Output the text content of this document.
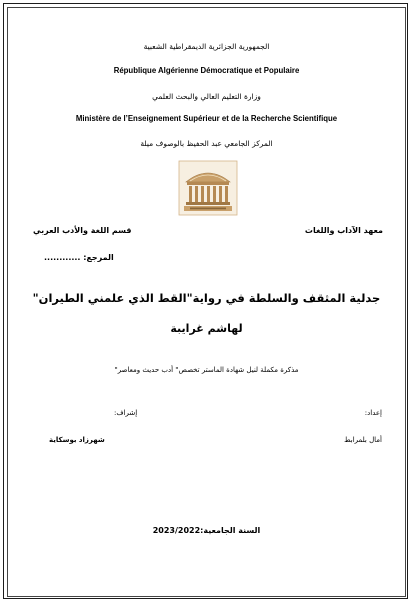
الجمهورية الجزائرية الديمقراطية الشعبية
République Algérienne Démocratique et Populaire
وزارة التعليم العالي والبحث العلمي
Ministère de l’Enseignement Supérieur et de la Recherche Scientifique
المركز الجامعي عبد الحفيظ بالوصوف ميلة
معهد الآداب واللغات
قسم اللغة والأدب العربي
المرجع: ............
جدلية المثقف والسلطة في رواية"القط الذي علمني الطيران"
لهاشم غرايبة
مذكرة مكملة لنيل شهادة الماستر تخصص" أدب حديث ومعاصر"
إعداد:
إشراف:
أمال بلمرابط
شهرزاد بوسكاية
السنة الجامعية:2023/2022
